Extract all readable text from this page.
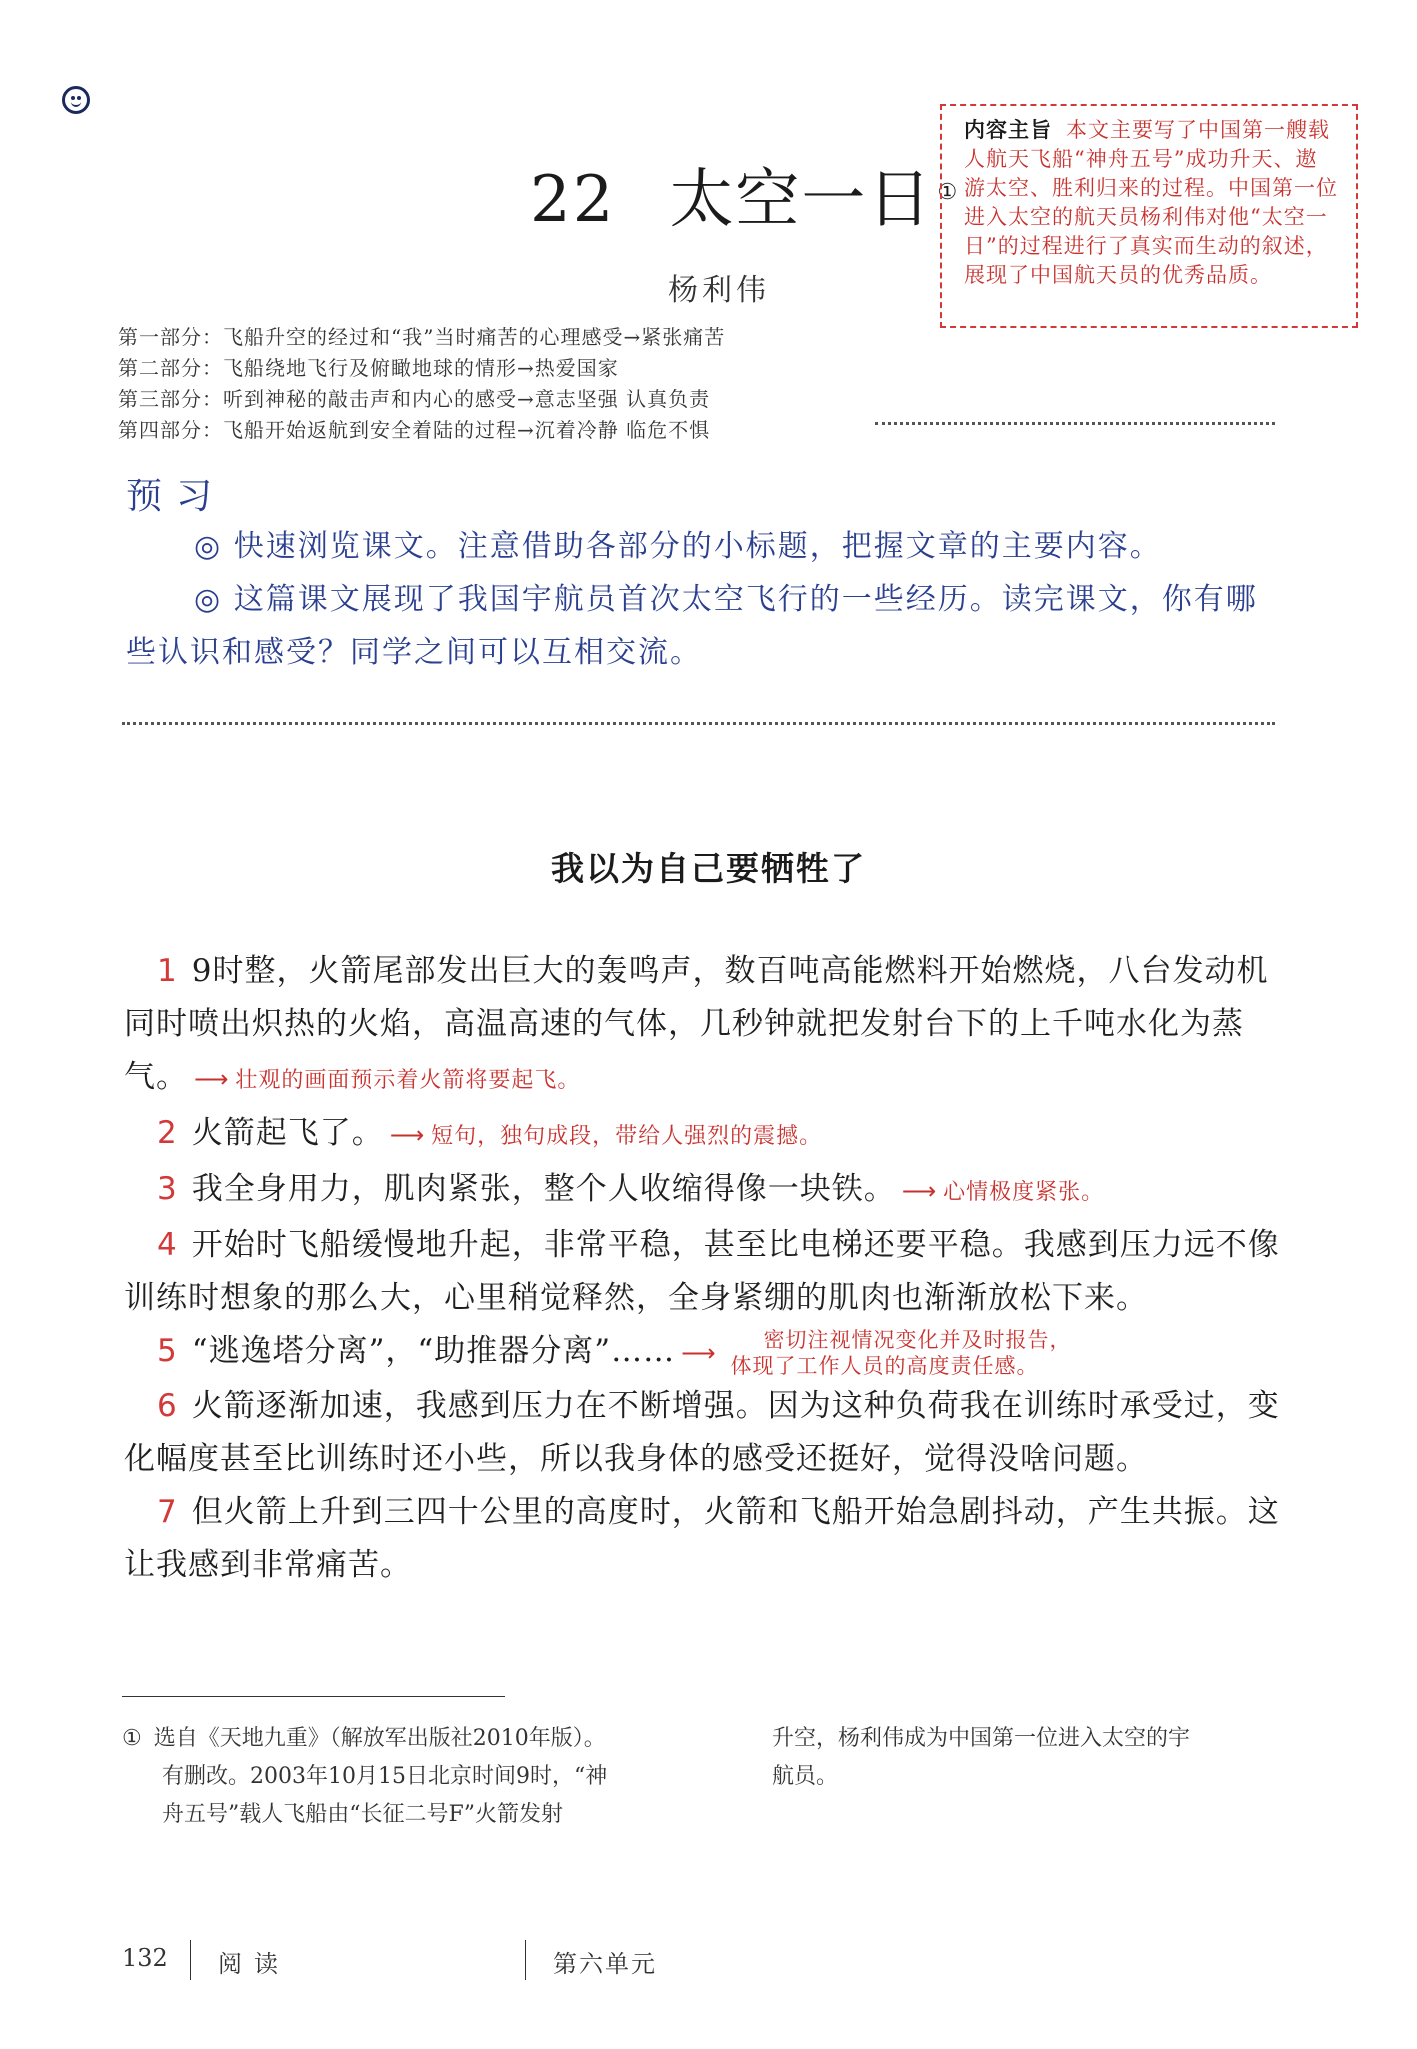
22 太空一日 ①
杨利伟
内容主旨 本文主要写了中国第一艘载人航天飞船“神舟五号”成功升天、遨游太空、胜利归来的过程。中国第一位进入太空的航天员杨利伟对他“太空一日”的过程进行了真实而生动的叙述，展现了中国航天员的优秀品质。
第一部分：飞船升空的经过和“我”当时痛苦的心理感受→紧张痛苦
第二部分：飞船绕地飞行及俯瞰地球的情形→热爱国家
第三部分：听到神秘的敲击声和内心的感受→意志坚强 认真负责
第四部分：飞船开始返航到安全着陆的过程→沉着冷静 临危不惧
预习

◎ 快速浏览课文。注意借助各部分的小标题，把握文章的主要内容。

◎ 这篇课文展现了我国宇航员首次太空飞行的一些经历。读完课文，你有哪些认识和感受？同学之间可以互相交流。

我以为自己要牺牲了

1 9时整，火箭尾部发出巨大的轰鸣声，数百吨高能燃料开始燃烧，八台发动机同时喷出炽热的火焰，高温高速的气体，几秒钟就把发射台下的上千吨水化为蒸气。 ⟶ 壮观的画面预示着火箭将要起飞。

2 火箭起飞了。 ⟶ 短句，独句成段，带给人强烈的震撼。

3 我全身用力，肌肉紧张，整个人收缩得像一块铁。 ⟶ 心情极度紧张。

4 开始时飞船缓慢地升起，非常平稳，甚至比电梯还要平稳。我感到压力远不像训练时想象的那么大，心里稍觉释然，全身紧绷的肌肉也渐渐放松下来。

5 “逃逸塔分离”，“助推器分离”…… ⟶ 密切注视情况变化并及时报告，
体现了工作人员的高度责任感。

6 火箭逐渐加速，我感到压力在不断增强。因为这种负荷我在训练时承受过，变化幅度甚至比训练时还小些，所以我身体的感受还挺好，觉得没啥问题。

7 但火箭上升到三四十公里的高度时，火箭和飞船开始急剧抖动，产生共振。这让我感到非常痛苦。

① 选自《天地九重》（解放军出版社2010年版）。
有删改。2003年10月15日北京时间9时，“神
舟五号”载人飞船由“长征二号F”火箭发射
升空，杨利伟成为中国第一位进入太空的宇
航员。
132 阅读	第六单元
